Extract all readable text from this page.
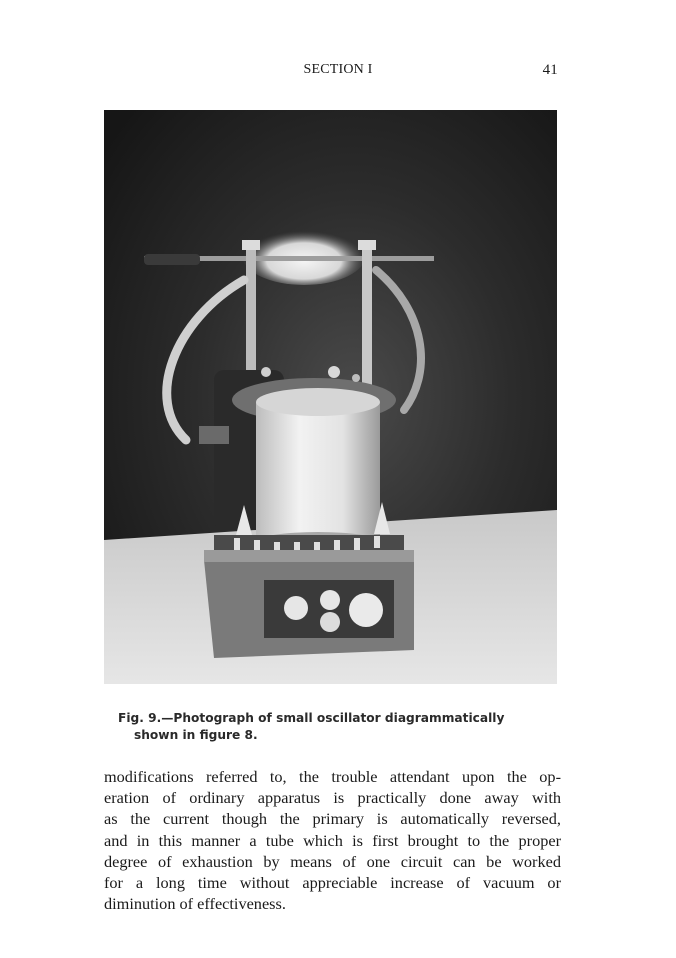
SECTION I	41
Fig. 9.—Photograph of small oscillator diagrammatically
shown in figure 8.
modifications referred to, the trouble attendant upon the op-
eration of ordinary apparatus is practically done away with
as the current though the primary is automatically reversed,
and in this manner a tube which is first brought to the proper
degree of exhaustion by means of one circuit can be worked
for a long time without appreciable increase of vacuum or
diminution of effectiveness.
